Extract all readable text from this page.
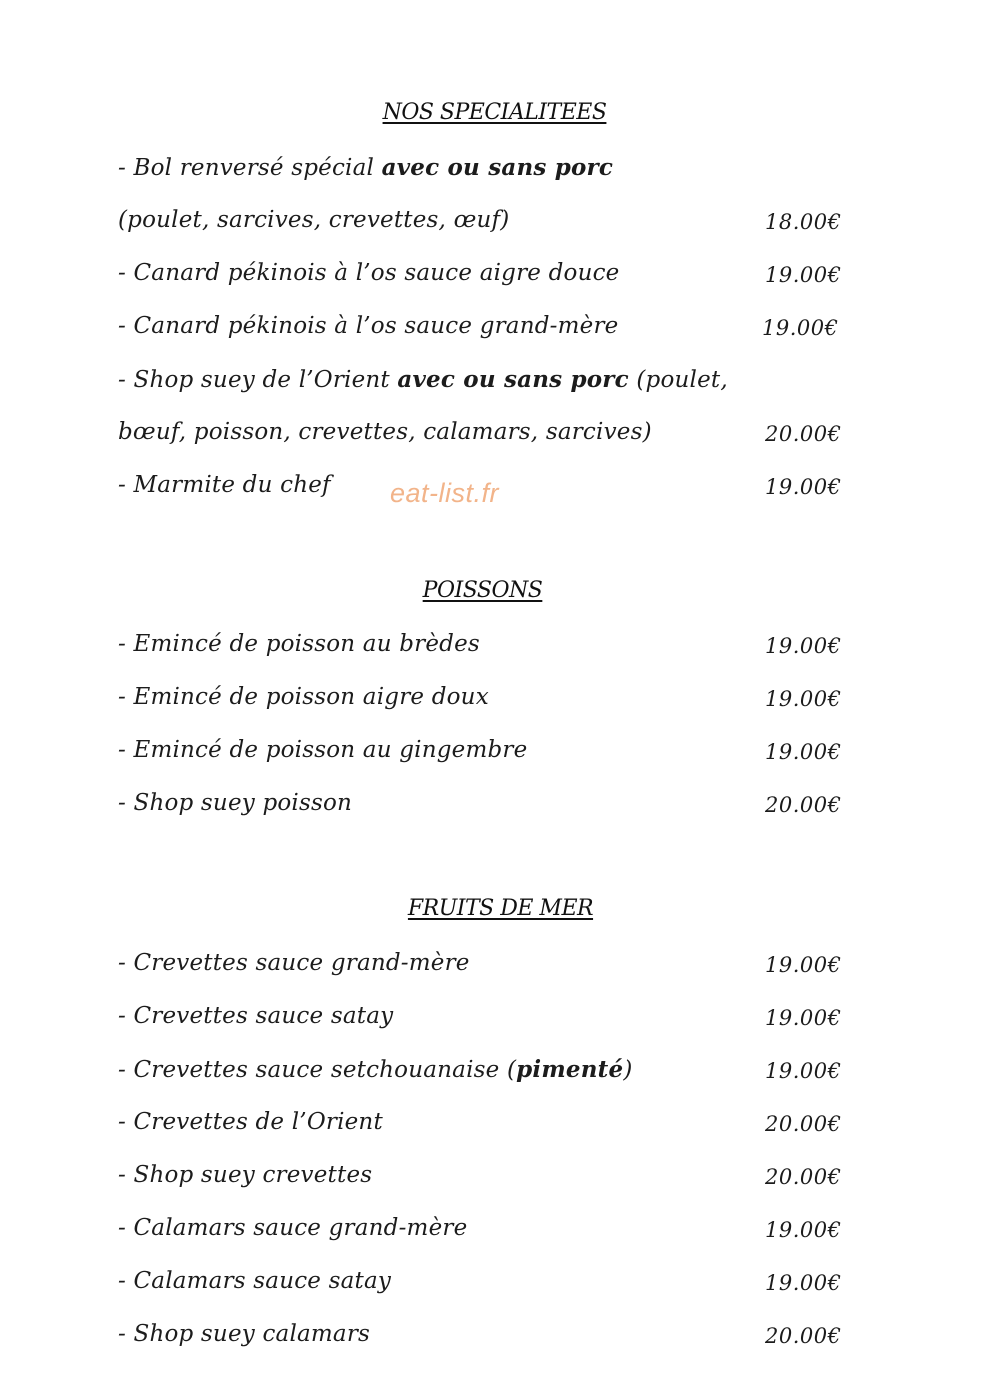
NOS SPECIALITEES
- Bol renversé spécial avec ou sans porc
(poulet, sarcives, crevettes, œuf)	18.00€
- Canard pékinois à l’os sauce aigre douce	19.00€
- Canard pékinois à l’os sauce grand-mère	19.00€
- Shop suey de l’Orient avec ou sans porc (poulet,
bœuf, poisson, crevettes, calamars, sarcives)	20.00€
- Marmite du chef	19.00€
eat-list.fr
POISSONS
- Emincé de poisson au brèdes	19.00€
- Emincé de poisson aigre doux	19.00€
- Emincé de poisson au gingembre	19.00€
- Shop suey poisson	20.00€
FRUITS DE MER
- Crevettes sauce grand-mère	19.00€
- Crevettes sauce satay	19.00€
- Crevettes sauce setchouanaise (pimenté)	19.00€
- Crevettes de l’Orient	20.00€
- Shop suey crevettes	20.00€
- Calamars sauce grand-mère	19.00€
- Calamars sauce satay	19.00€
- Shop suey calamars	20.00€
